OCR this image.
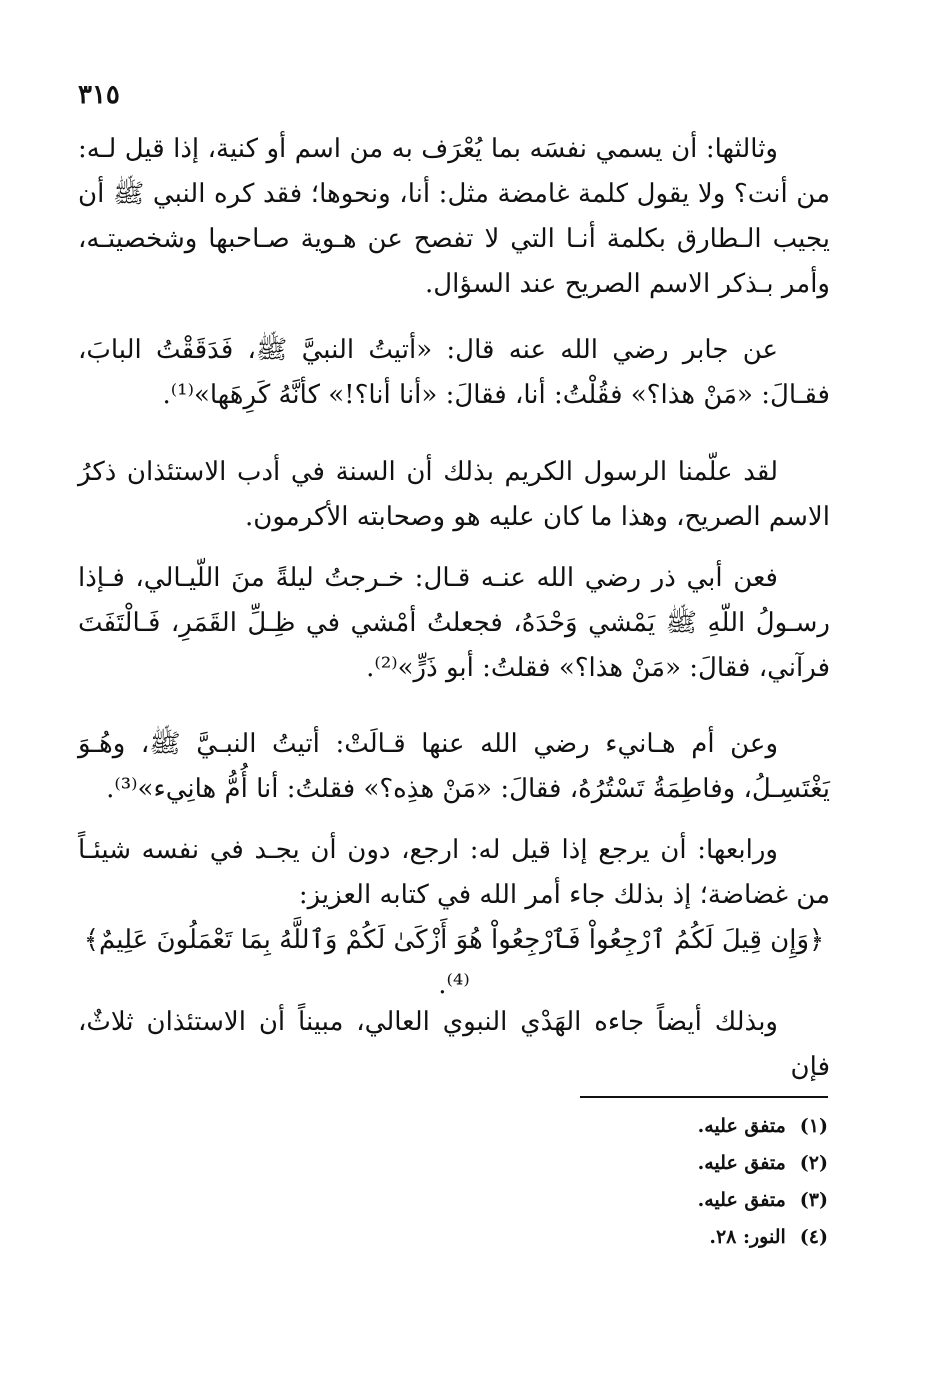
٣١٥

وثالثها: أن يسمي نفسَه بما يُعْرَف به من اسم أو كنية، إذا قيل لـه: من أنت؟ ولا يقول كلمة غامضة مثل: أنا، ونحوها؛ فقد كره النبي ﷺ أن يجيب الـطارق بكلمة أنـا التي لا تفصح عن هـوية صـاحبها وشخصيتـه، وأمر بـذكر الاسم الصريح عند السؤال.

عن جابر رضي الله عنه قال: «أتيتُ النبيَّ ﷺ، فَدَقَقْتُ البابَ، فقـالَ: «مَنْ هذا؟» فقُلْتُ: أنا، فقالَ: «أنا أنا؟!» كأنَّهُ كَرِهَها»⁽¹⁾.

لقد علّمنا الرسول الكريم بذلك أن السنة في أدب الاستئذان ذكرُ الاسم الصريح، وهذا ما كان عليه هو وصحابته الأكرمون.

فعن أبي ذر رضي الله عنـه قـال: خـرجتُ ليلةً منَ اللّيـالي، فـإذا رسـولُ اللّهِ ﷺ يَمْشي وَحْدَهُ، فجعلتُ أمْشي في ظِـلِّ القَمَرِ، فَـالْتَفَتَ فرآني، فقالَ: «مَنْ هذا؟» فقلتُ: أبو ذَرٍّ»⁽²⁾.

وعن أم هـانيء رضي الله عنها قـالَتْ: أتيتُ النبـيَّ ﷺ، وهُـوَ يَغْتَسِـلُ، وفاطِمَةُ تَسْتُرُهُ، فقالَ: «مَنْ هذِه؟» فقلتُ: أنا أُمُّ هانِيء»⁽³⁾.

ورابعها: أن يرجع إذا قيل له: ارجع، دون أن يجـد في نفسه شيئـاً من غضاضة؛ إذ بذلك جاء أمر الله في كتابه العزيز:

﴿وَإِن قِيلَ لَكُمُ ٱرْجِعُواْ فَٱرْجِعُواْ هُوَ أَزْكَىٰ لَكُمْ وَٱللَّهُ بِمَا تَعْمَلُونَ عَلِيمٌ﴾⁽⁴⁾.

وبذلك أيضاً جاءه الهَدْي النبوي العالي، مبيناً أن الاستئذان ثلاثٌ، فإن

(١)متفق عليه.
(٢)متفق عليه.
(٣)متفق عليه.
(٤)النور: ٢٨.
